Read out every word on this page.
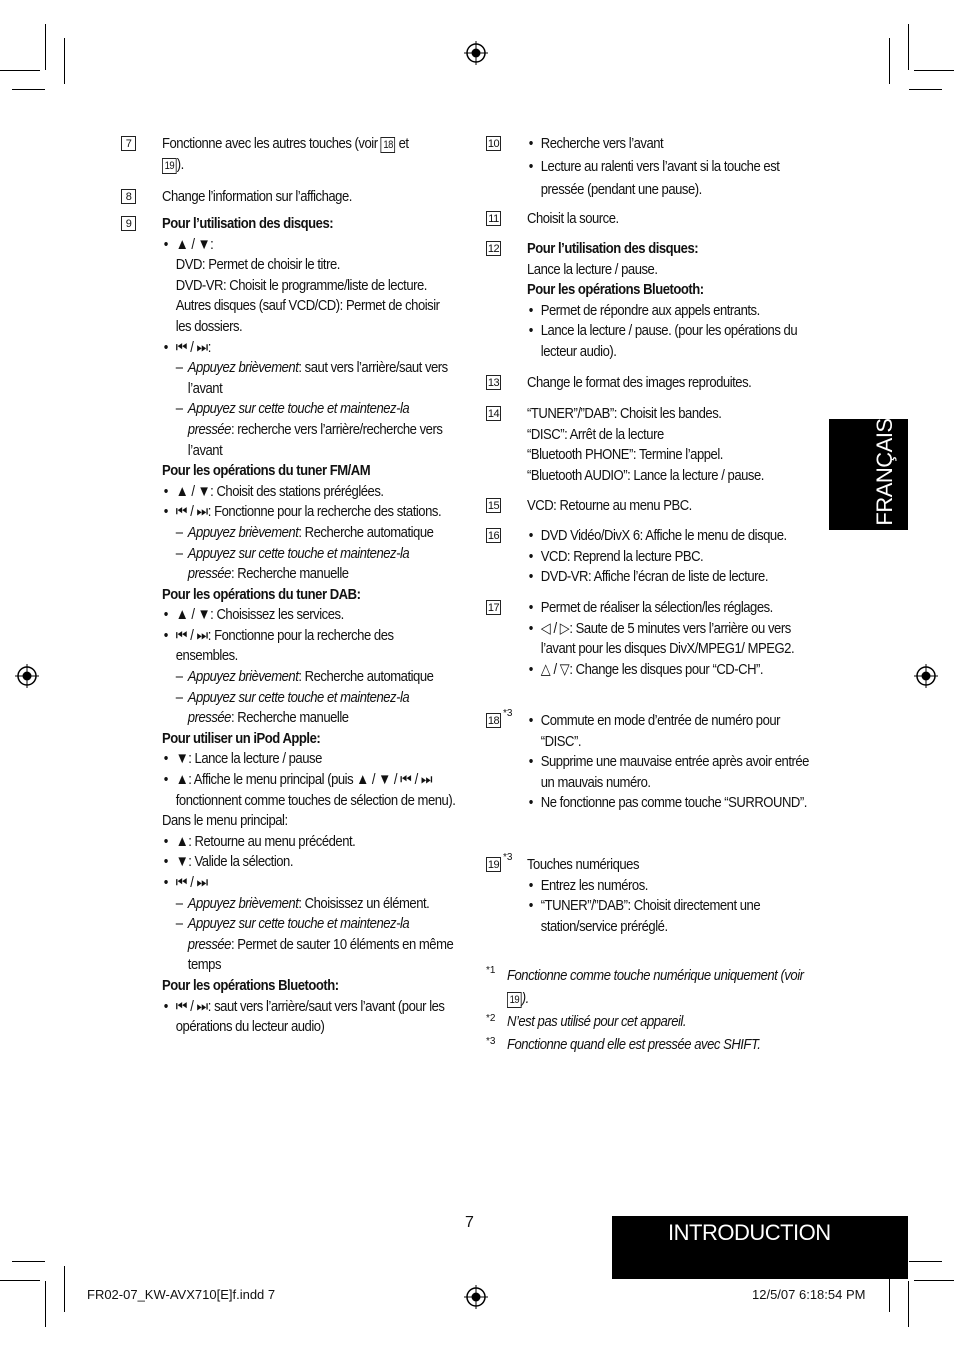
7	Fonctionne avec les autres touches (voir 18 et
19 ).
8	Change l’information sur l’affichage.
9	Pour l’utilisation des disques:
• ▲ / ▼:
DVD: Permet de choisir le titre.
DVD-VR: Choisit le programme/liste de lecture.
Autres disques (sauf VCD/CD): Permet de choisir les dossiers.
• ⏮ / ⏭:
– Appuyez brièvement: saut vers l’arrière/saut vers l’avant
– Appuyez sur cette touche et maintenez-la pressée: recherche vers l’arrière/recherche vers l’avant
Pour les opérations du tuner FM/AM
• ▲ / ▼: Choisit des stations préréglées.
• ⏮ / ⏭: Fonctionne pour la recherche des stations.
– Appuyez brièvement: Recherche automatique
– Appuyez sur cette touche et maintenez-la pressée: Recherche manuelle
Pour les opérations du tuner DAB:
• ▲ / ▼: Choisissez les services.
• ⏮ / ⏭: Fonctionne pour la recherche des ensembles.
– Appuyez brièvement: Recherche automatique
– Appuyez sur cette touche et maintenez-la pressée: Recherche manuelle
Pour utiliser un iPod Apple:
• ▼: Lance la lecture / pause
• ▲: Affiche le menu principal (puis ▲ / ▼ / ⏮ / ⏭ fonctionnent comme touches de sélection de menu).
Dans le menu principal:
• ▲: Retourne au menu précédent.
• ▼: Valide la sélection.
• ⏮ / ⏭
– Appuyez brièvement: Choisissez un élément.
– Appuyez sur cette touche et maintenez-la pressée: Permet de sauter 10 éléments en même temps
Pour les opérations Bluetooth:
• ⏮ / ⏭: saut vers l’arrière/saut vers l’avant (pour les opérations du lecteur audio)
10	• Recherche vers l’avant
• Lecture au ralenti vers l’avant si la touche est pressée (pendant une pause).
11 Choisit la source.
12 Pour l’utilisation des disques:
Lance la lecture / pause.
Pour les opérations Bluetooth:
• Permet de répondre aux appels entrants.
• Lance la lecture / pause. (pour les opérations du lecteur audio).
13 Change le format des images reproduites.
14 “TUNER”/”DAB”: Choisit les bandes.
“DISC”: Arrêt de la lecture
“Bluetooth PHONE”: Termine l’appel.
“Bluetooth AUDIO”: Lance la lecture / pause.
15 VCD: Retourne au menu PBC.
16	• DVD Vidéo/DivX 6: Affiche le menu de disque.
• VCD: Reprend la lecture PBC.
• DVD-VR: Affiche l’écran de liste de lecture.
17	• Permet de réaliser la sélection/les réglages.
• ◁ / ▷: Saute de 5 minutes vers l’arrière ou vers l’avant pour les disques DivX/MPEG1/ MPEG2.
• △ / ▽: Change les disques pour “CD-CH”.
18
*3	• Commute en mode d’entrée de numéro pour “DISC”.
• Supprime une mauvaise entrée après avoir entrée un mauvais numéro.
• Ne fonctionne pas comme touche “SURROUND”.
19
*3 Touches numériques
• Entrez les numéros.
• “TUNER”/”DAB”: Choisit directement une station/service préréglé.
*1 Fonctionne comme touche numérique uniquement (voir 19 ).
*2 N’est pas utilisé pour cet appareil.
*3 Fonctionne quand elle est pressée avec SHIFT.
FRANÇAIS
7	INTRODUCTION
FR02-07_KW-AVX710[E]f.indd 7	12/5/07 6:18:54 PM
